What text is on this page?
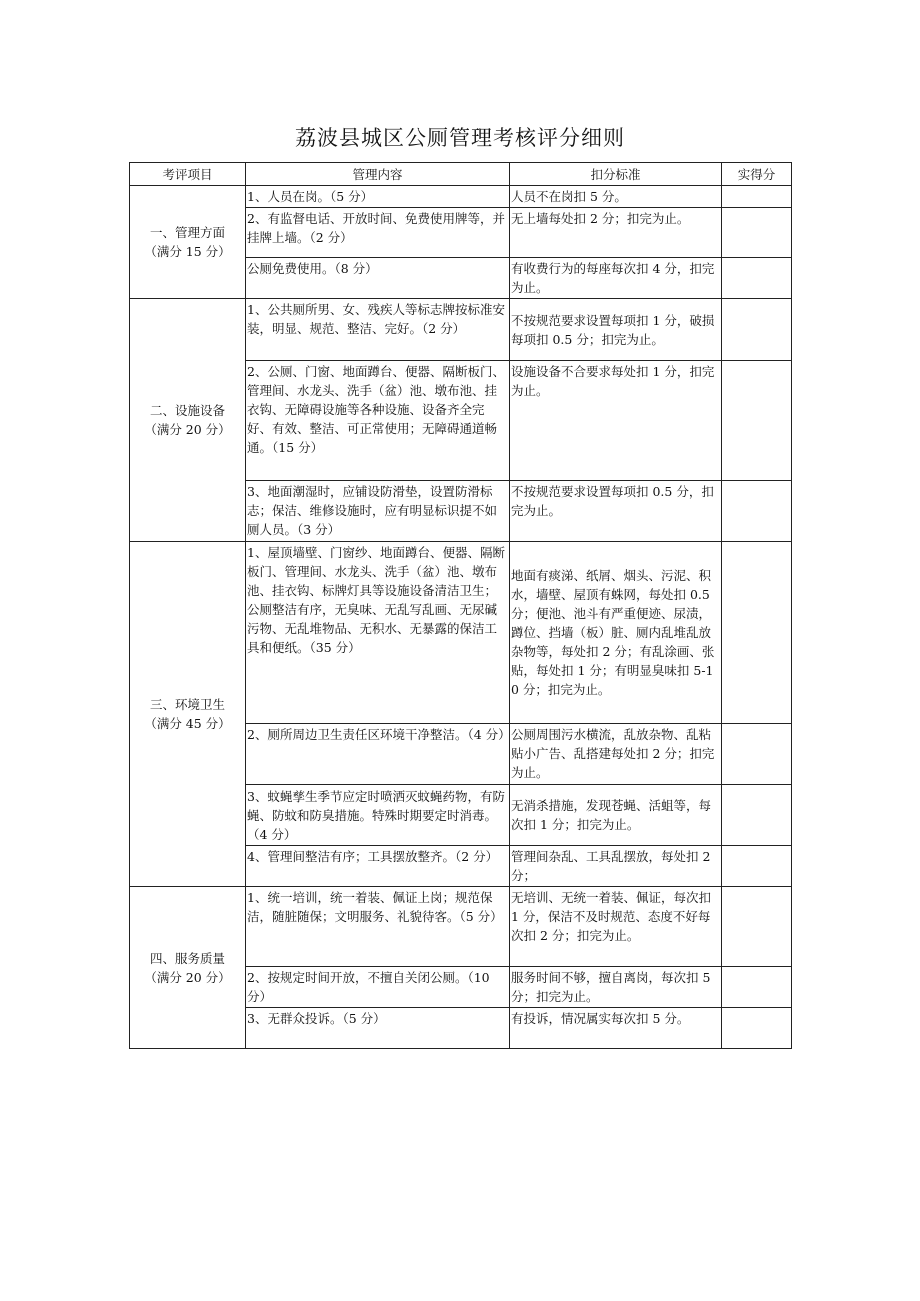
荔波县城区公厕管理考核评分细则
考评项目	管理内容	扣分标准	实得分

一、管理方面
（满分 15 分）	1、人员在岗。（5 分）	人员不在岗扣 5 分。	
	2、有监督电话、开放时间、免费使用牌等，并挂牌上墙。（2 分）	无上墙每处扣 2 分；扣完为止。	
	公厕免费使用。（8 分）	有收费行为的每座每次扣 4 分，扣完为止。	

二、设施设备
（满分 20 分）	1、公共厕所男、女、残疾人等标志牌按标准安装，明显、规范、整洁、完好。（2 分）	不按规范要求设置每项扣 1 分，破损每项扣 0.5 分；扣完为止。	
	2、公厕、门窗、地面蹲台、便器、隔断板门、管理间、水龙头、洗手（盆）池、墩布池、挂衣钩、无障碍设施等各种设施、设备齐全完好、有效、整洁、可正常使用；无障碍通道畅通。（15 分）	设施设备不合要求每处扣 1 分，扣完为止。	
	3、地面潮湿时，应铺设防滑垫，设置防滑标志；保洁、维修设施时，应有明显标识提不如厕人员。（3 分）	不按规范要求设置每项扣 0.5 分，扣完为止。	

三、环境卫生
（满分 45 分）	1、屋顶墙壁、门窗纱、地面蹲台、便器、隔断板门、管理间、水龙头、洗手（盆）池、墩布池、挂衣钩、标牌灯具等设施设备清洁卫生；公厕整洁有序，无臭味、无乱写乱画、无尿碱污物、无乱堆物品、无积水、无暴露的保洁工具和便纸。（35 分）	地面有痰涕、纸屑、烟头、污泥、积水，墙壁、屋顶有蛛网，每处扣 0.5 分；便池、池斗有严重便迹、尿渍，蹲位、挡墙（板）脏、厕内乱堆乱放杂物等，每处扣 2 分；有乱涂画、张贴，每处扣 1 分；有明显臭味扣 5-10 分；扣完为止。	
	2、厕所周边卫生责任区环境干净整洁。（4 分）	公厕周围污水横流，乱放杂物、乱粘贴小广告、乱搭建每处扣 2 分；扣完为止。	
	3、蚊蝇孳生季节应定时喷洒灭蚊蝇药物，有防蝇、防蚊和防臭措施。特殊时期要定时消毒。（4 分）	无消杀措施，发现苍蝇、活蛆等，每次扣 1 分；扣完为止。	
	4、管理间整洁有序；工具摆放整齐。（2 分）	管理间杂乱、工具乱摆放，每处扣 2 分；	

四、服务质量
（满分 20 分）	1、统一培训，统一着装、佩证上岗；规范保洁，随脏随保；文明服务、礼貌待客。（5 分）	无培训、无统一着装、佩证，每次扣 1 分，保洁不及时规范、态度不好每次扣 2 分；扣完为止。	
	2、按规定时间开放，不擅自关闭公厕。（10 分）	服务时间不够，擅自离岗，每次扣 5 分；扣完为止。	
	3、无群众投诉。（5 分）	有投诉，情况属实每次扣 5 分。	
